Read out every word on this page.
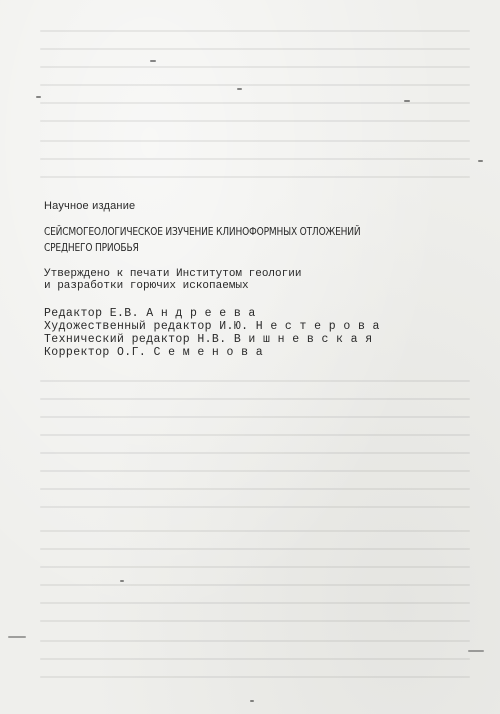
Научное издание
СЕЙСМОГЕОЛОГИЧЕСКОЕ ИЗУЧЕНИЕ КЛИНОФОРМНЫХ ОТЛОЖЕНИЙ
СРЕДНЕГО ПРИОБЬЯ
Утверждено к печати Институтом геологии
и разработки горючих ископаемых
Редактор Е.В. А н д р е е в а
Художественный редактор И.Ю. Н е с т е р о в а
Технический редактор Н.В. В и ш н е в с к а я
Корректор О.Г. С е м е н о в а
